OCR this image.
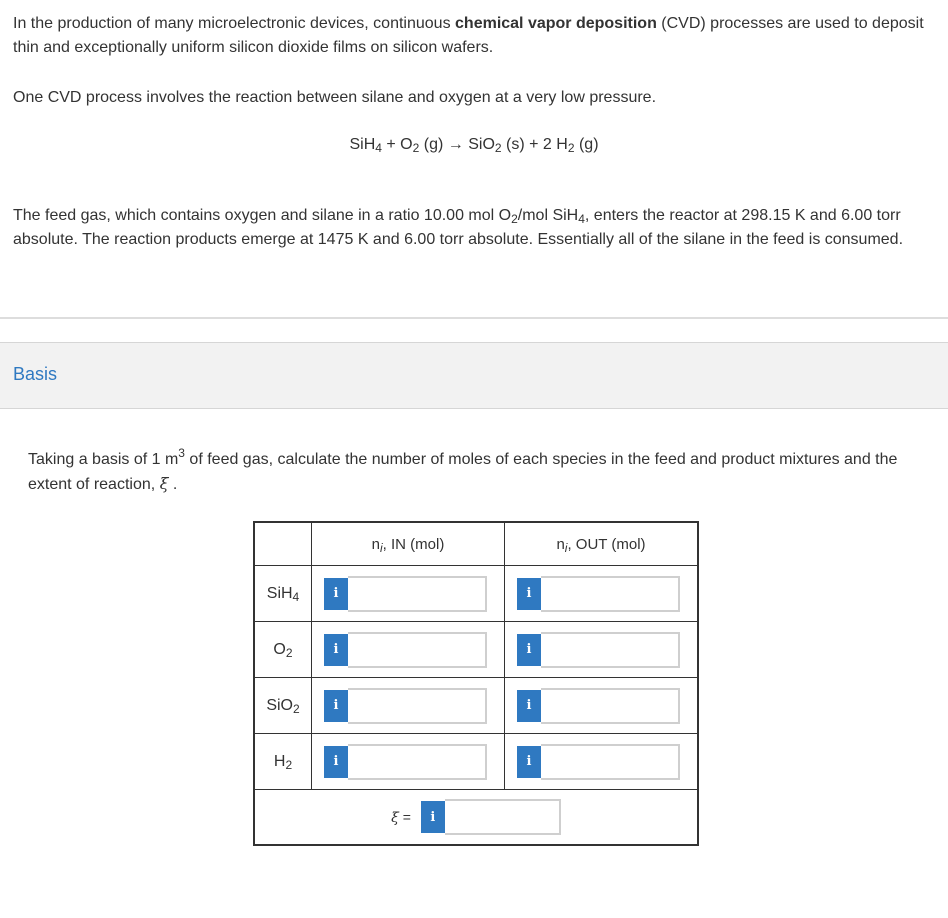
In the production of many microelectronic devices, continuous chemical vapor deposition (CVD) processes are used to deposit thin and exceptionally uniform silicon dioxide films on silicon wafers.

One CVD process involves the reaction between silane and oxygen at a very low pressure.

$SiH_4 + O_2$ (g) → SiO$_2$ (s) + 2 $H_2$ (g)

The feed gas, which contains oxygen and silane in a ratio 10.00 mol $O_2$/mol SiH$_4$, enters the reactor at 298.15 K and 6.00 torr absolute. The reaction products emerge at 1475 K and 6.00 torr absolute. Essentially all of the silane in the feed is consumed.

Basis

Taking a basis of 1 $m^3$ of feed gas, calculate the number of moles of each species in the feed and product mixtures and the extent of reaction, ξ .

	$n_i$, IN (mol)	$n_i$, OUT (mol)
SiH$_4$	i	i

$O_2$	i	i

SiO$_2$	i	i

$H_2$	i	i

ξ = i		
